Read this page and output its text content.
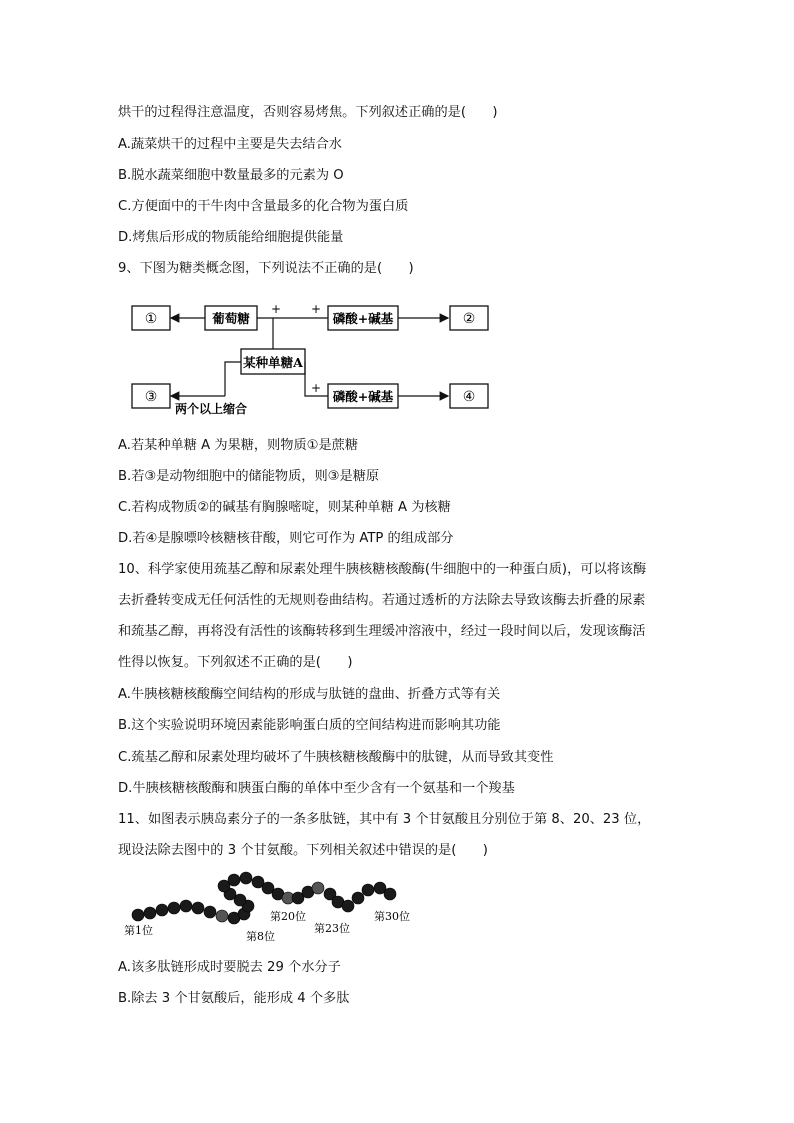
烘干的过程得注意温度，否则容易烤焦。下列叙述正确的是(　　)
A.蔬菜烘干的过程中主要是失去结合水
B.脱水蔬菜细胞中数量最多的元素为 O
C.方便面中的干牛肉中含量最多的化合物为蛋白质
D.烤焦后形成的物质能给细胞提供能量
9、下图为糖类概念图，下列说法不正确的是(　　)
①	葡萄糖	磷酸+碱基	②
某种单糖A
③	磷酸+碱基	④
+ +
+
两个以上缩合
A.若某种单糖 A 为果糖，则物质①是蔗糖
B.若③是动物细胞中的储能物质，则③是糖原
C.若构成物质②的碱基有胸腺嘧啶，则某种单糖 A 为核糖
D.若④是腺嘌呤核糖核苷酸，则它可作为 ATP 的组成部分
10、科学家使用巯基乙醇和尿素处理牛胰核糖核酸酶(牛细胞中的一种蛋白质)，可以将该酶
去折叠转变成无任何活性的无规则卷曲结构。若通过透析的方法除去导致该酶去折叠的尿素
和巯基乙醇，再将没有活性的该酶转移到生理缓冲溶液中，经过一段时间以后，发现该酶活
性得以恢复。下列叙述不正确的是(　　)
A.牛胰核糖核酸酶空间结构的形成与肽链的盘曲、折叠方式等有关
B.这个实验说明环境因素能影响蛋白质的空间结构进而影响其功能
C.巯基乙醇和尿素处理均破坏了牛胰核糖核酸酶中的肽键，从而导致其变性
D.牛胰核糖核酸酶和胰蛋白酶的单体中至少含有一个氨基和一个羧基
11、如图表示胰岛素分子的一条多肽链，其中有 3 个甘氨酸且分别位于第 8、20、23 位，
现设法除去图中的 3 个甘氨酸。下列相关叙述中错误的是(　　)
第1位	第8位
第20位
第23位
第30位
A.该多肽链形成时要脱去 29 个水分子
B.除去 3 个甘氨酸后，能形成 4 个多肽
